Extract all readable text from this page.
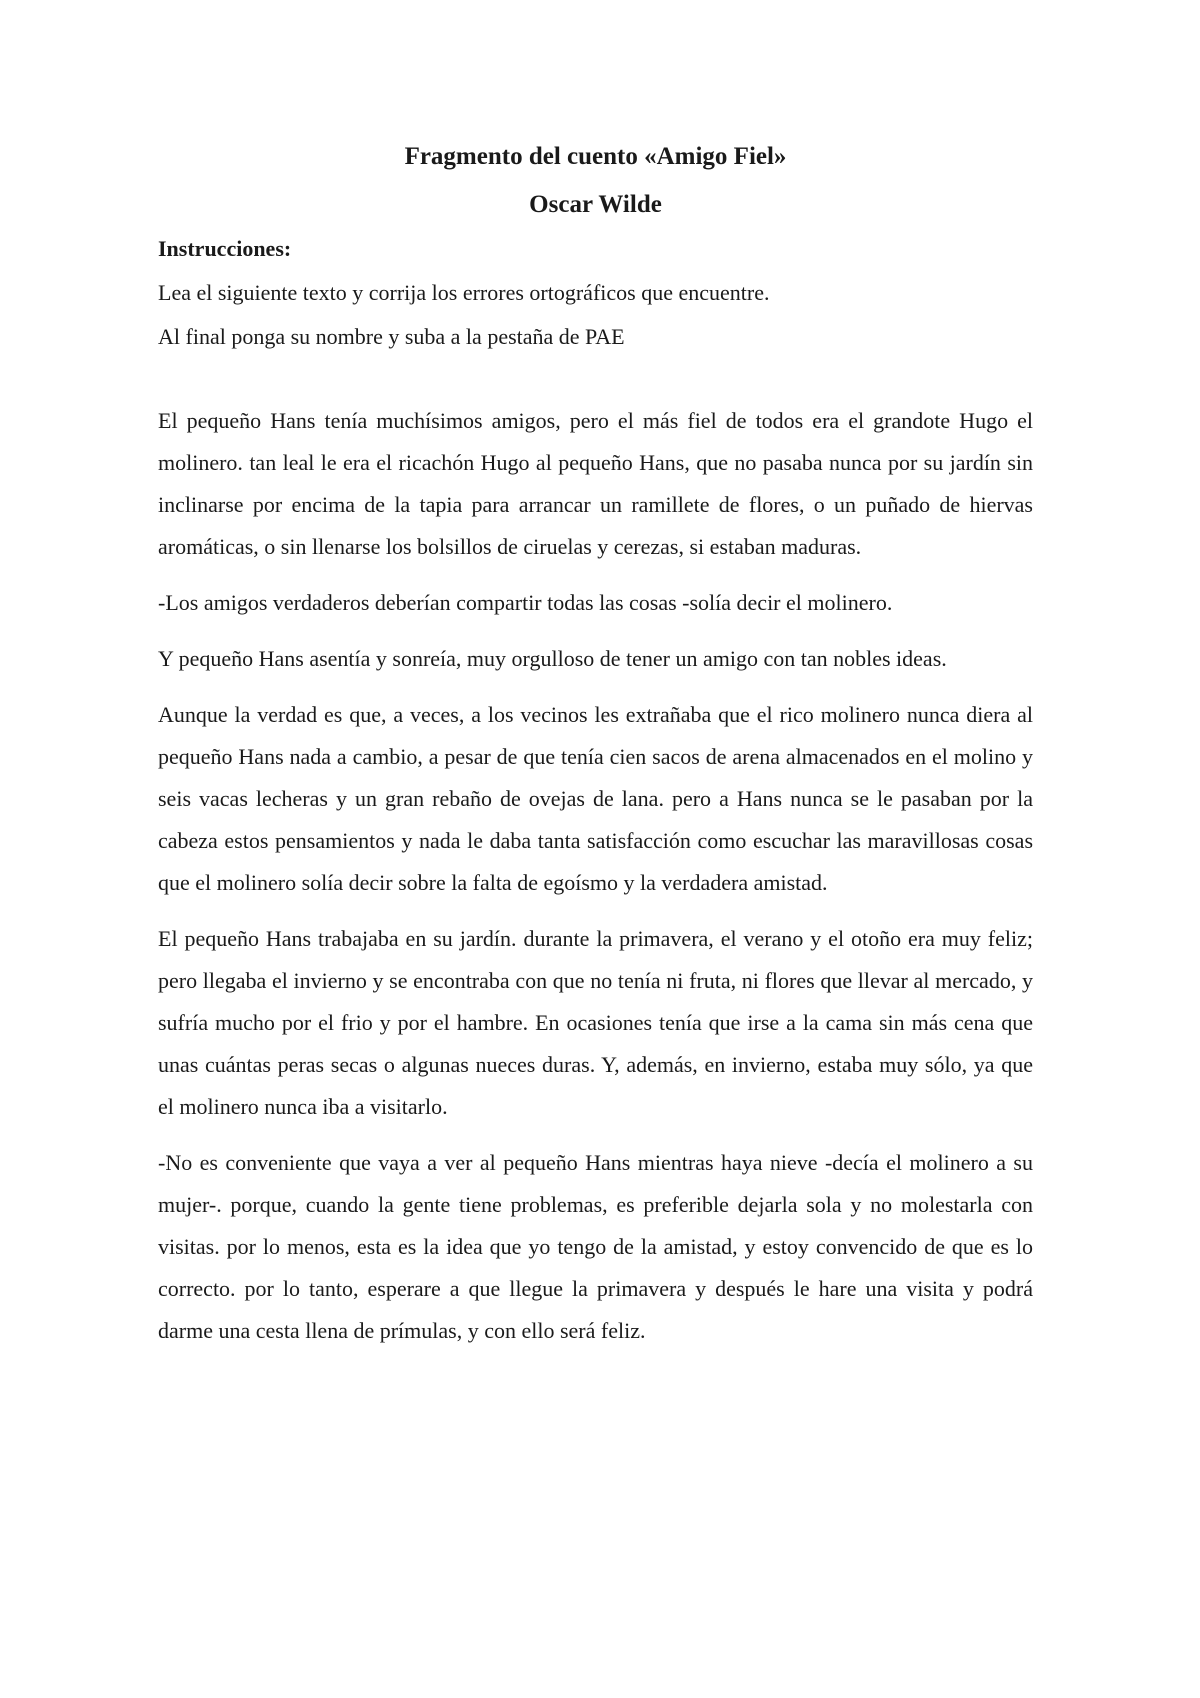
Fragmento del cuento «Amigo Fiel»
Oscar Wilde
Instrucciones:

Lea el siguiente texto y corrija los errores ortográficos que encuentre.

Al final ponga su nombre y suba a la pestaña de PAE

El pequeño Hans tenía muchísimos amigos, pero el más fiel de todos era el grandote Hugo el molinero. tan leal le era el ricachón Hugo al pequeño Hans, que no pasaba nunca por su jardín sin inclinarse por encima de la tapia para arrancar un ramillete de flores, o un puñado de hiervas aromáticas, o sin llenarse los bolsillos de ciruelas y cerezas, si estaban maduras.

-Los amigos verdaderos deberían compartir todas las cosas -solía decir el molinero.

Y pequeño Hans asentía y sonreía, muy orgulloso de tener un amigo con tan nobles ideas.

Aunque la verdad es que, a veces, a los vecinos les extrañaba que el rico molinero nunca diera al pequeño Hans nada a cambio, a pesar de que tenía cien sacos de arena almacenados en el molino y seis vacas lecheras y un gran rebaño de ovejas de lana. pero a Hans nunca se le pasaban por la cabeza estos pensamientos y nada le daba tanta satisfacción como escuchar las maravillosas cosas que el molinero solía decir sobre la falta de egoísmo y la verdadera amistad.

El pequeño Hans trabajaba en su jardín. durante la primavera, el verano y el otoño era muy feliz; pero llegaba el invierno y se encontraba con que no tenía ni fruta, ni flores que llevar al mercado, y sufría mucho por el frio y por el hambre. En ocasiones tenía que irse a la cama sin más cena que unas cuántas peras secas o algunas nueces duras. Y, además, en invierno, estaba muy sólo, ya que el molinero nunca iba a visitarlo.

-No es conveniente que vaya a ver al pequeño Hans mientras haya nieve -decía el molinero a su mujer-. porque, cuando la gente tiene problemas, es preferible dejarla sola y no molestarla con visitas. por lo menos, esta es la idea que yo tengo de la amistad, y estoy convencido de que es lo correcto. por lo tanto, esperare a que llegue la primavera y después le hare una visita y podrá darme una cesta llena de prímulas, y con ello será feliz.
